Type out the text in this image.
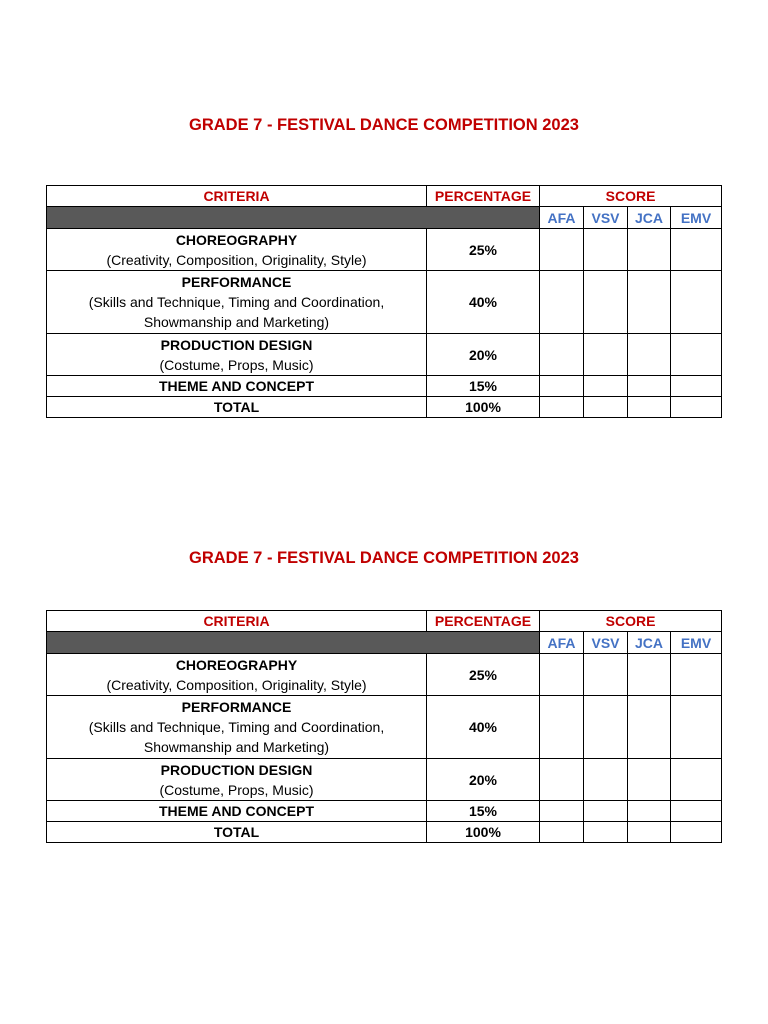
GRADE 7 - FESTIVAL DANCE COMPETITION 2023
CRITERIA	PERCENTAGE	SCORE			
		AFA	VSV	JCA	EMV

CHOREOGRAPHY
(Creativity, Composition, Originality, Style)	25%				

PERFORMANCE
(Skills and Technique, Timing and Coordination, Showmanship and Marketing)	40%				

PRODUCTION DESIGN
(Costume, Props, Music)	20%				

THEME AND CONCEPT	15%				

TOTAL	100%				
GRADE 7 - FESTIVAL DANCE COMPETITION 2023
CRITERIA	PERCENTAGE	SCORE			
		AFA	VSV	JCA	EMV

CHOREOGRAPHY
(Creativity, Composition, Originality, Style)	25%				

PERFORMANCE
(Skills and Technique, Timing and Coordination, Showmanship and Marketing)	40%				

PRODUCTION DESIGN
(Costume, Props, Music)	20%				

THEME AND CONCEPT	15%				

TOTAL	100%				
